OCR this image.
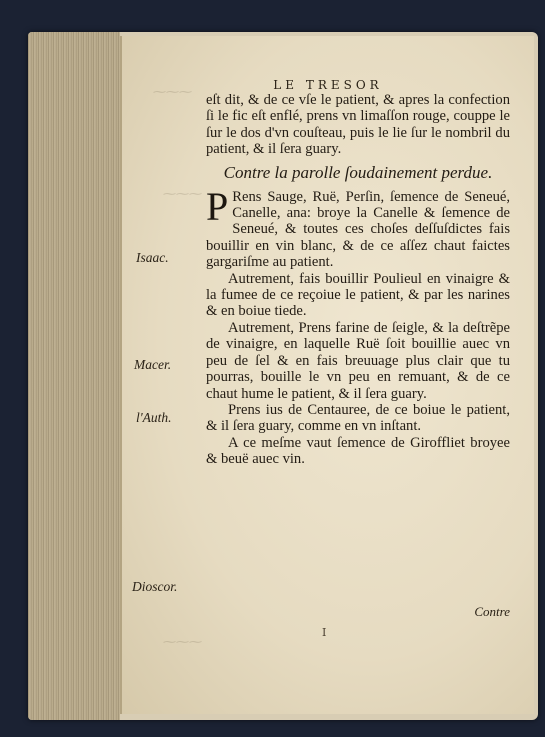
⁓⁓⁓
⁓⁓⁓
⁓⁓⁓
LE TRESOR
Isaac.
Macer.
l'Auth.
Dioscor.

eſt dit, & de ce vſe le patient, & apres la confection ſi le fic eſt enflé, prens vn limaſſon rouge, couppe le ſur le dos d'vn couſteau, puis le lie ſur le nombril du patient, & il ſera guary.

Contre la parolle ſoudainement perdue.

P Rens Sauge, Ruë, Perſin, ſemence de Seneué, Canelle, ana: broye la Canelle & ſemence de Seneué, & toutes ces choſes deſſuſdictes fais bouillir en vin blanc, & de ce aſſez chaut faictes gargariſme au patient.

Autrement, fais bouillir Poulieul en vinaigre & la fumee de ce reçoiue le patient, & par les narines & en boiue tiede.

Autrement, Prens farine de ſeigle, & la deſtrẽpe de vinaigre, en laquelle Ruë ſoit bouillie auec vn peu de ſel & en fais breuuage plus clair que tu pourras, bouille le vn peu en remuant, & de ce chaut hume le patient, & il ſera guary.

Prens ius de Centauree, de ce boiue le patient, & il ſera guary, comme en vn inſtant.

A ce meſme vaut ſemence de Giroffliet broyee & beuë auec vin.

I
Contre
